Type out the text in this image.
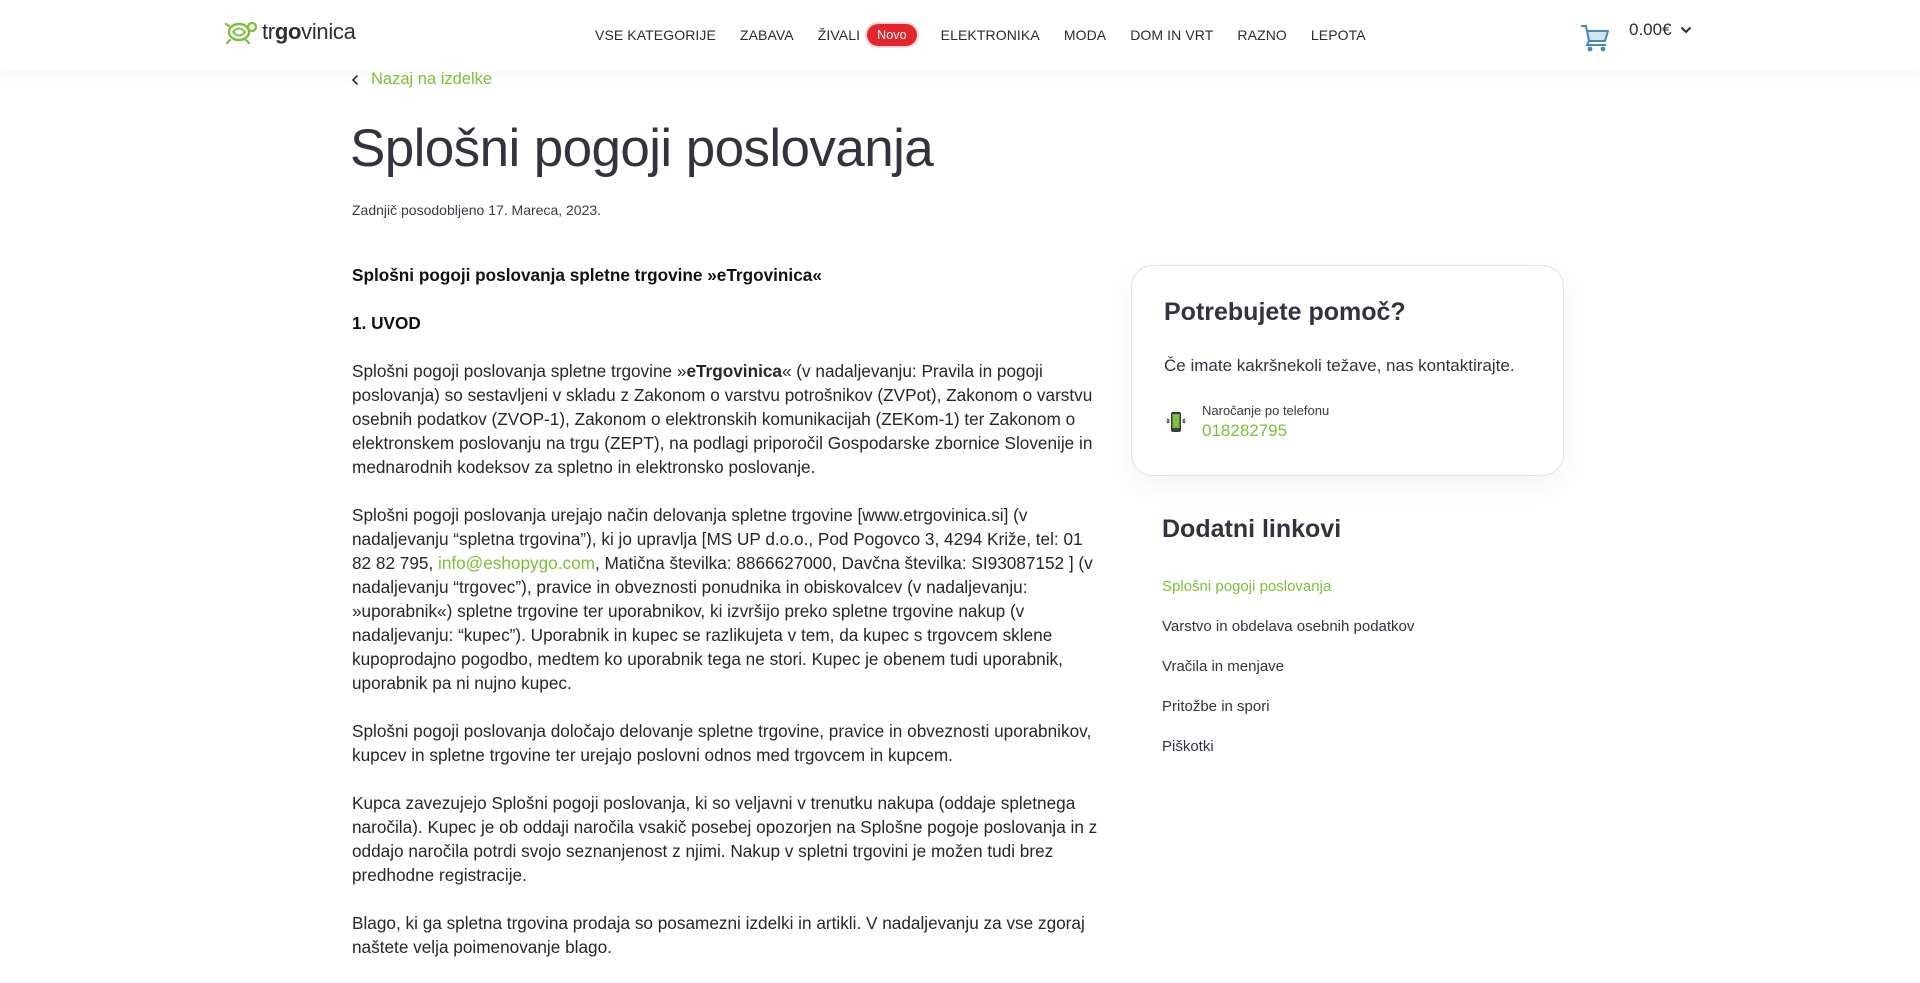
trgovinica	VSE KATEGORIJE ZABAVA ŽIVALI	Novo	ELEKTRONIKA MODA DOM IN VRT RAZNO LEPOTA	0.00€
Nazaj na izdelke
Splošni pogoji poslovanja
Zadnjič posodobljeno 17. Mareca, 2023.

Splošni pogoji poslovanja spletne trgovine »eTrgovinica«

1. UVOD

Splošni pogoji poslovanja spletne trgovine »eTrgovinica« (v nadaljevanju: Pravila in pogoji poslovanja) so sestavljeni v skladu z Zakonom o varstvu potrošnikov (ZVPot), Zakonom o varstvu osebnih podatkov (ZVOP-1), Zakonom o elektronskih komunikacijah (ZEKom-1) ter Zakonom o elektronskem poslovanju na trgu (ZEPT), na podlagi priporočil Gospodarske zbornice Slovenije in mednarodnih kodeksov za spletno in elektronsko poslovanje.

Splošni pogoji poslovanja urejajo način delovanja spletne trgovine [www.etrgovinica.si] (v nadaljevanju “spletna trgovina”), ki jo upravlja [MS UP d.o.o., Pod Pogovco 3, 4294 Križe, tel: 01 82 82 795, info@eshopygo.com, Matična številka: 8866627000, Davčna številka: SI93087152 ] (v nadaljevanju “trgovec”), pravice in obveznosti ponudnika in obiskovalcev (v nadaljevanju: »uporabnik«) spletne trgovine ter uporabnikov, ki izvršijo preko spletne trgovine nakup (v nadaljevanju: “kupec”). Uporabnik in kupec se razlikujeta v tem, da kupec s trgovcem sklene kupoprodajno pogodbo, medtem ko uporabnik tega ne stori. Kupec je obenem tudi uporabnik, uporabnik pa ni nujno kupec.

Splošni pogoji poslovanja določajo delovanje spletne trgovine, pravice in obveznosti uporabnikov, kupcev in spletne trgovine ter urejajo poslovni odnos med trgovcem in kupcem.

Kupca zavezujejo Splošni pogoji poslovanja, ki so veljavni v trenutku nakupa (oddaje spletnega naročila). Kupec je ob oddaji naročila vsakič posebej opozorjen na Splošne pogoje poslovanja in z oddajo naročila potrdi svojo seznanjenost z njimi. Nakup v spletni trgovini je možen tudi brez predhodne registracije.

Blago, ki ga spletna trgovina prodaja so posamezni izdelki in artikli. V nadaljevanju za vse zgoraj naštete velja poimenovanje blago.

Potrebujete pomoč?
Če imate kakršnekoli težave, nas kontaktirajte.
Naročanje po telefonu
018282795
Dodatni linkovi
Splošni pogoji poslovanja
Varstvo in obdelava osebnih podatkov
Vračila in menjave
Pritožbe in spori
Piškotki
